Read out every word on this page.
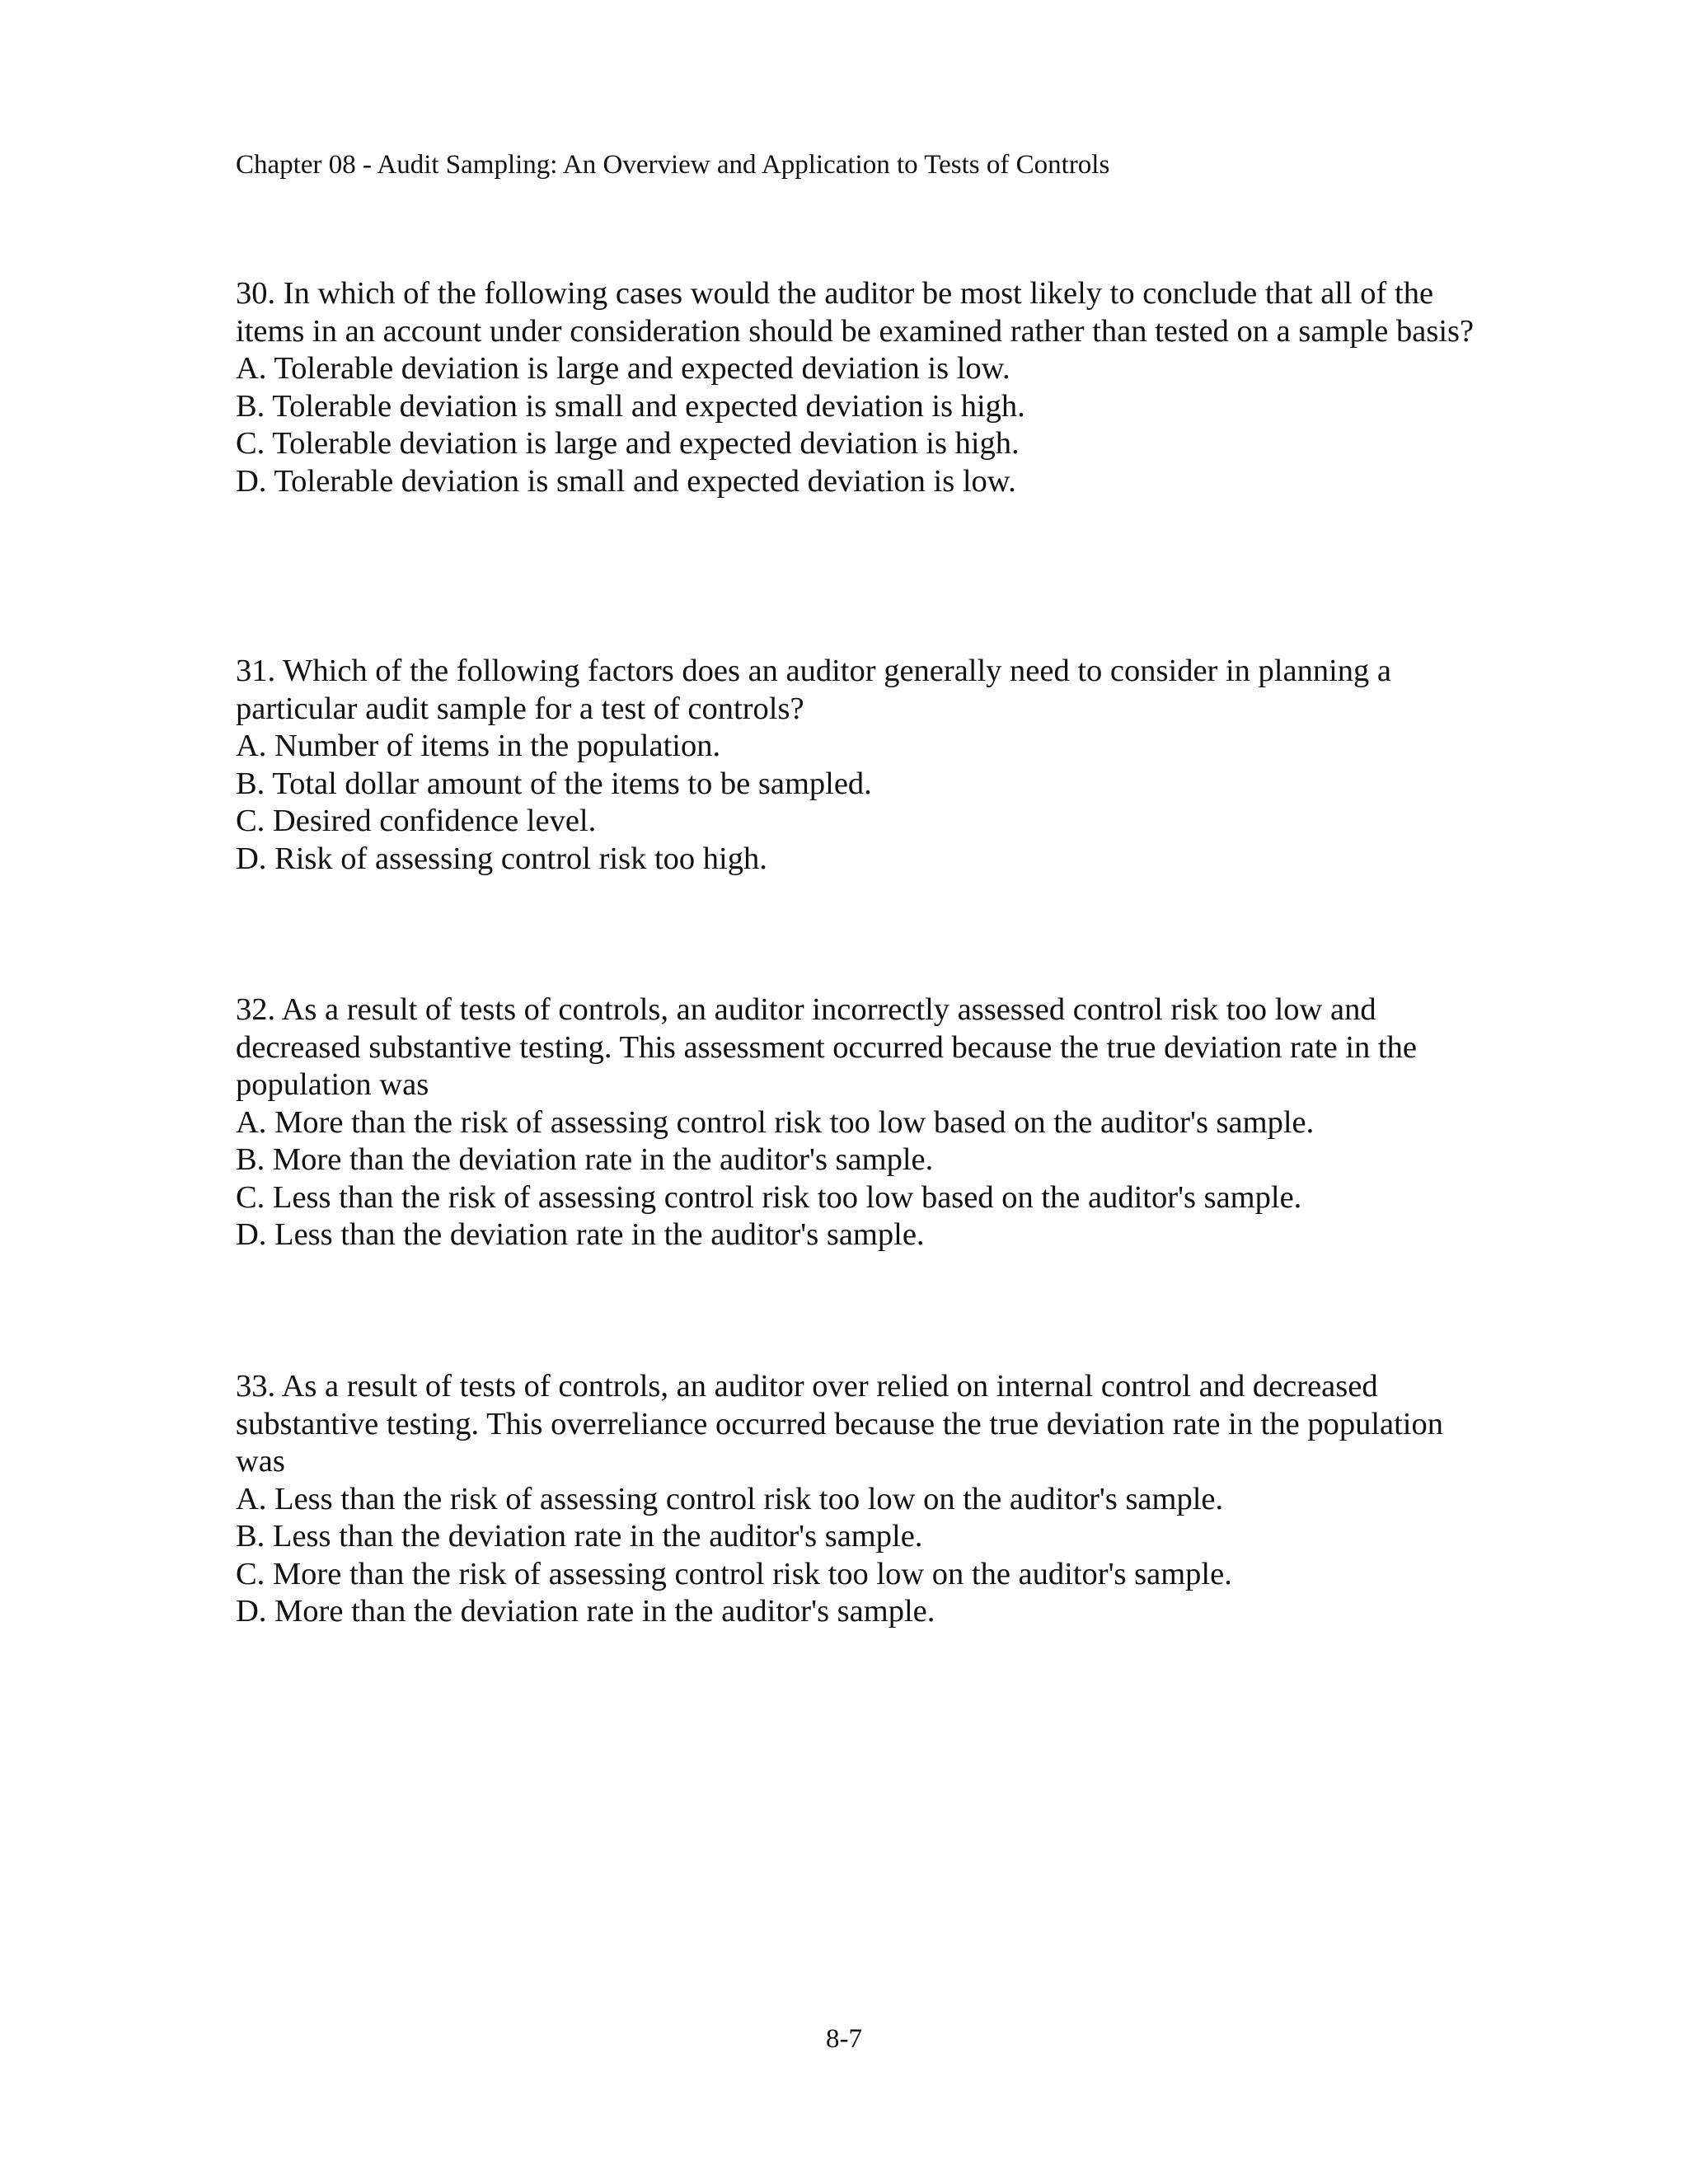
Chapter 08 - Audit Sampling: An Overview and Application to Tests of Controls

30. In which of the following cases would the auditor be most likely to conclude that all of the items in an account under consideration should be examined rather than tested on a sample basis?

A. Tolerable deviation is large and expected deviation is low.

B. Tolerable deviation is small and expected deviation is high.

C. Tolerable deviation is large and expected deviation is high.

D. Tolerable deviation is small and expected deviation is low.

31. Which of the following factors does an auditor generally need to consider in planning a particular audit sample for a test of controls?

A. Number of items in the population.

B. Total dollar amount of the items to be sampled.

C. Desired confidence level.

D. Risk of assessing control risk too high.

32. As a result of tests of controls, an auditor incorrectly assessed control risk too low and decreased substantive testing. This assessment occurred because the true deviation rate in the population was

A. More than the risk of assessing control risk too low based on the auditor's sample.

B. More than the deviation rate in the auditor's sample.

C. Less than the risk of assessing control risk too low based on the auditor's sample.

D. Less than the deviation rate in the auditor's sample.

33. As a result of tests of controls, an auditor over relied on internal control and decreased substantive testing. This overreliance occurred because the true deviation rate in the population was

A. Less than the risk of assessing control risk too low on the auditor's sample.

B. Less than the deviation rate in the auditor's sample.

C. More than the risk of assessing control risk too low on the auditor's sample.

D. More than the deviation rate in the auditor's sample.

8-7
